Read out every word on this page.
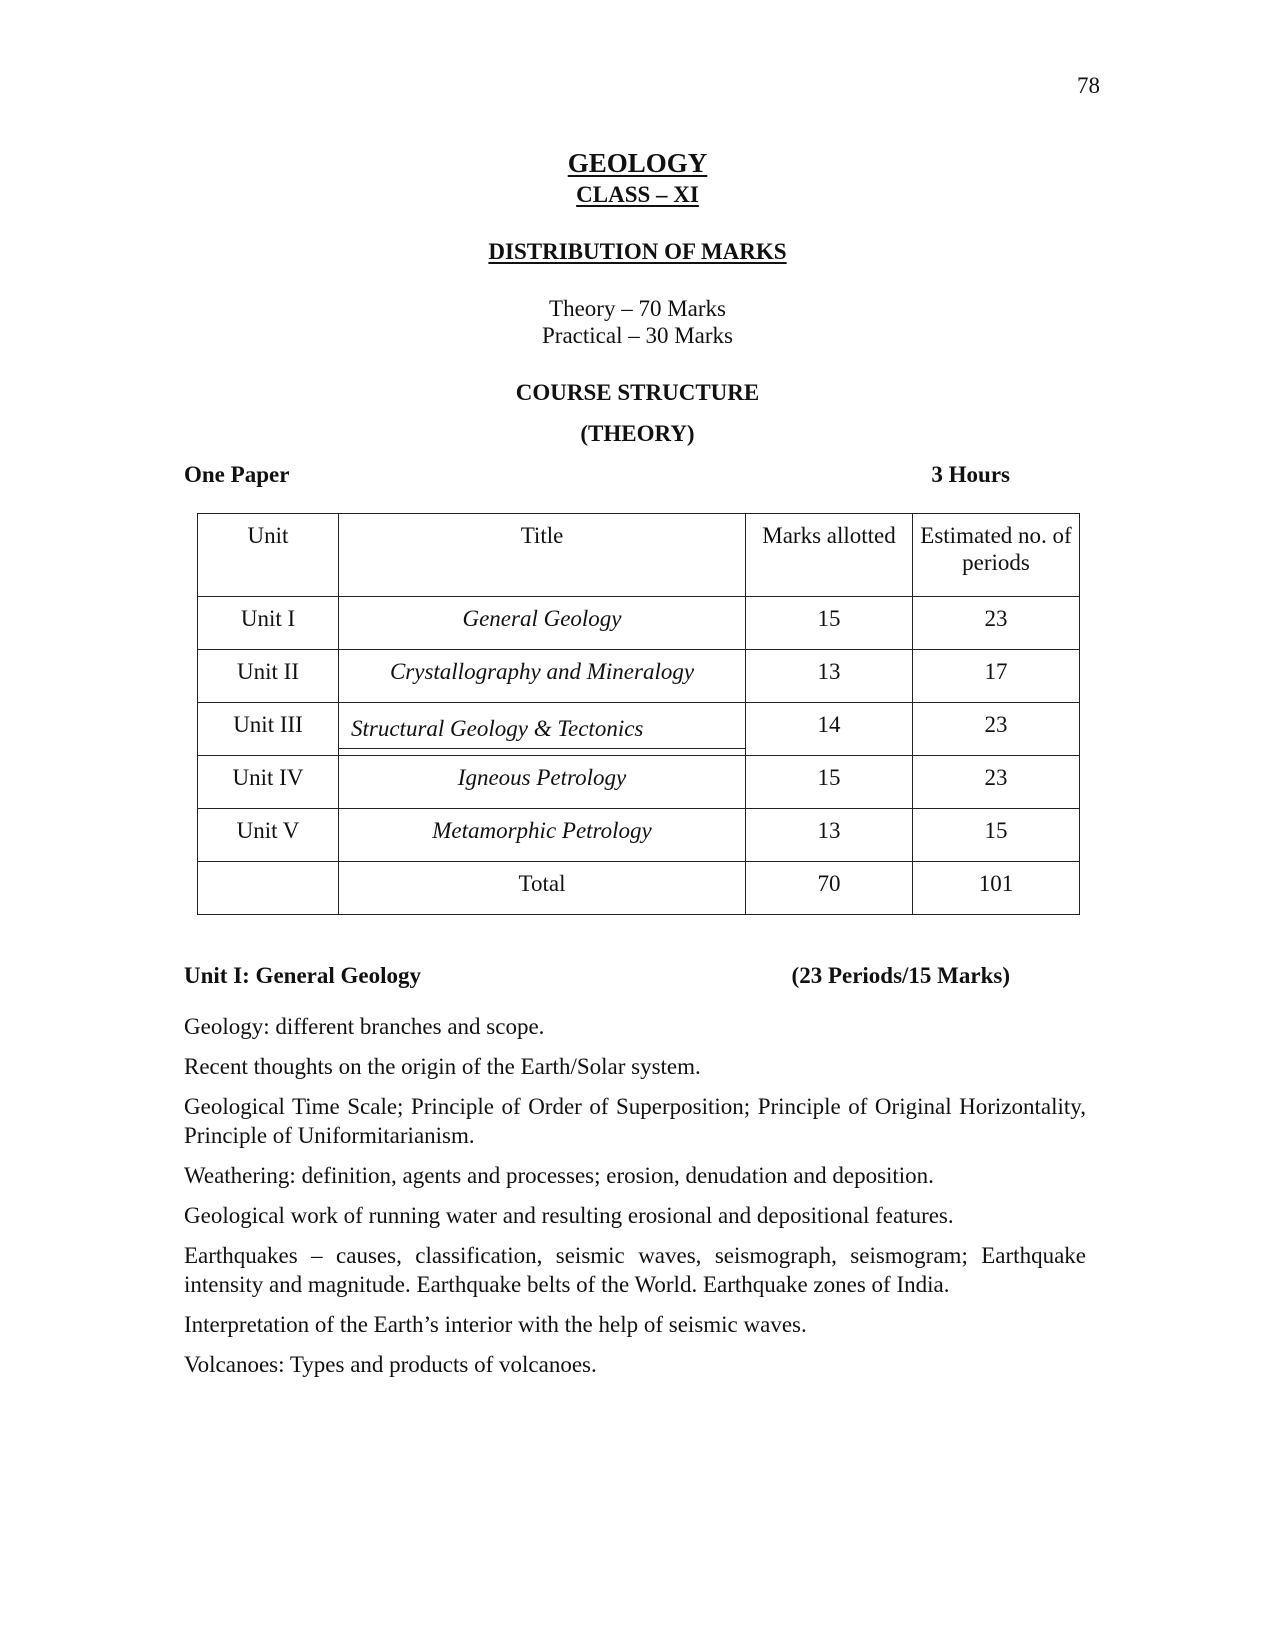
78
GEOLOGY
CLASS – XI
DISTRIBUTION OF MARKS
Theory – 70 Marks
Practical – 30 Marks
COURSE STRUCTURE
(THEORY)
One Paper	3 Hours
Unit	Title	Marks allotted	Estimated no. of periods
Unit I	General Geology	15	23
Unit II	Crystallography and Mineralogy	13	17
Unit III	Structural Geology & Tectonics	14	23
Unit IV	Igneous Petrology	15	23
Unit V	Metamorphic Petrology	13	15
	Total	70	101
Unit I: General Geology	(23 Periods/15 Marks)

Geology: different branches and scope.

Recent thoughts on the origin of the Earth/Solar system.

Geological Time Scale; Principle of Order of Superposition; Principle of Original Horizontality, Principle of Uniformitarianism.

Weathering: definition, agents and processes; erosion, denudation and deposition.

Geological work of running water and resulting erosional and depositional features.

Earthquakes – causes, classification, seismic waves, seismograph, seismogram; Earthquake intensity and magnitude. Earthquake belts of the World. Earthquake zones of India.

Interpretation of the Earth’s interior with the help of seismic waves.

Volcanoes: Types and products of volcanoes.
